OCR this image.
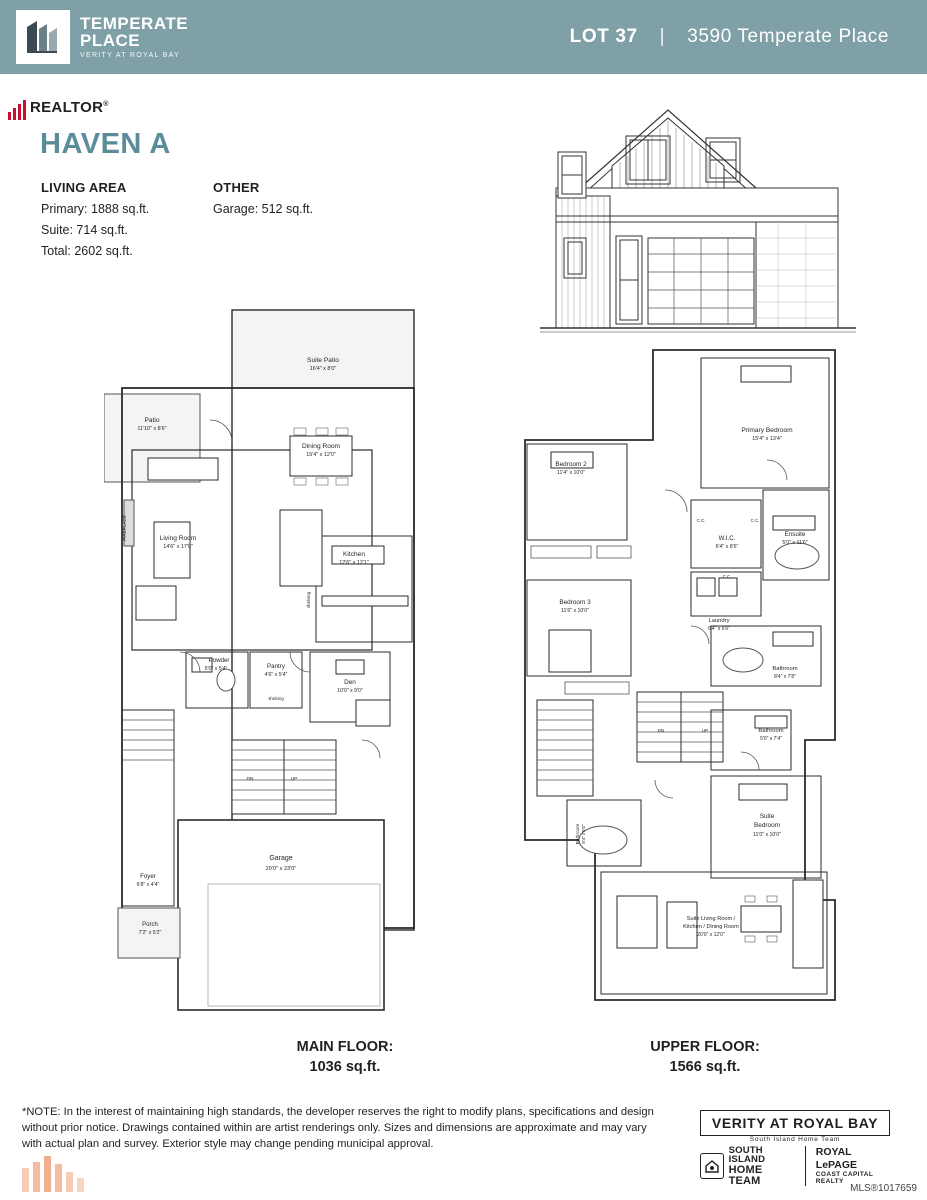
TEMPERATE
PLACE
VERITY AT ROYAL BAY
LOT 37 | 3590 Temperate Place
REALTOR®
HAVEN A
LIVING AREA
Primary: 1888 sq.ft.
Suite: 714 sq.ft.
Total: 2602 sq.ft.
OTHER
Garage: 512 sq.ft.
Suite Patio
16'4" x 8'0"
Patio
11'10" x 8'6"
Dining Room
15'4" x 12'0"
Living Room
14'6" x 17'0"
Kitchen
12'6" x 12'1"
Powder
5'0" x 5'4"	Pantry
4'6" x 5'4"
Den
10'0" x 9'0"
Garage
20'0" x 23'0"
Foyer
6'8" x 4'4"
Porch
7'2" x 5'2"
UP
DN
shelving
FIREPLACE
shelving
Primary Bedroom
15'4" x 13'4"
Bedroom 2
11'4" x 10'0"
Bedroom 3
11'6" x 10'0"
W.I.C.
6'4" x 8'6"
Ensuite
5'0" x 11'6"
Laundry
6'4" x 5'6"
Bathroom
8'4" x 7'8"
Bathroom
5'0" x 7'4"
Suite
Bedroom
11'0" x 10'0"
Suite Living Room /
Kitchen / Dining Room
20'0" x 12'0"
C.C.	C.C.
C.C.
DN	UP
Bathroom 8'4" x 5'0"
MAIN FLOOR:
1036 sq.ft.
UPPER FLOOR:
1566 sq.ft.
*NOTE: In the interest of maintaining high standards, the developer reserves the right to modify plans, specifications and design without prior notice. Drawings contained within are artist renderings only. Sizes and dimensions are approximate and may vary with actual plan and survey. Exterior style may change pending municipal approval.
VERITY AT ROYAL BAY
South Island Home Team
SOUTH ISLAND
HOME TEAM
ROYAL LePAGE
COAST CAPITAL REALTY
MLS®1017659
